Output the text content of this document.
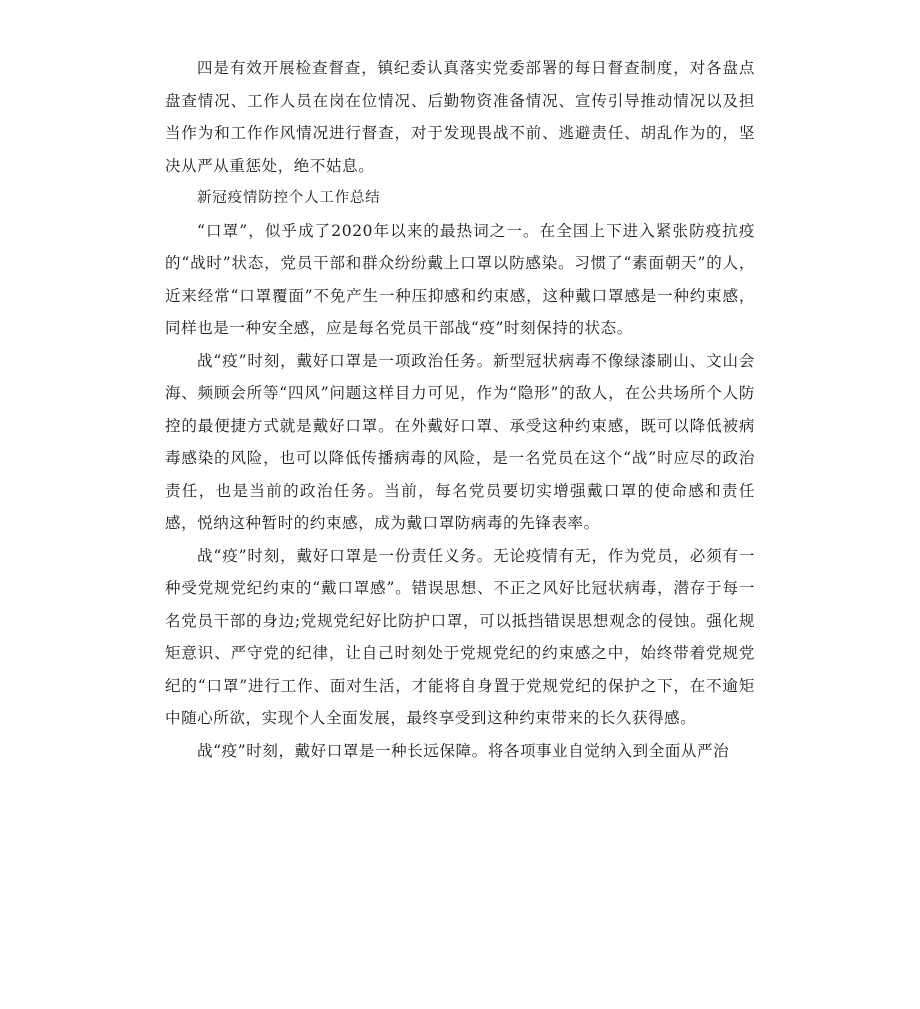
四是有效开展检查督查，镇纪委认真落实党委部署的每日督查制度，对各盘点盘查情况、工作人员在岗在位情况、后勤物资准备情况、宣传引导推动情况以及担当作为和工作作风情况进行督查，对于发现畏战不前、逃避责任、胡乱作为的，坚决从严从重惩处，绝不姑息。

新冠疫情防控个人工作总结

“口罩”，似乎成了2020年以来的最热词之一。在全国上下进入紧张防疫抗疫的“战时”状态，党员干部和群众纷纷戴上口罩以防感染。习惯了“素面朝天”的人，近来经常“口罩覆面”不免产生一种压抑感和约束感，这种戴口罩感是一种约束感，同样也是一种安全感，应是每名党员干部战“疫”时刻保持的状态。

战“疫”时刻，戴好口罩是一项政治任务。新型冠状病毒不像绿漆刷山、文山会海、频顾会所等“四风”问题这样目力可见，作为“隐形”的敌人，在公共场所个人防控的最便捷方式就是戴好口罩。在外戴好口罩、承受这种约束感，既可以降低被病毒感染的风险，也可以降低传播病毒的风险，是一名党员在这个“战”时应尽的政治责任，也是当前的政治任务。当前，每名党员要切实增强戴口罩的使命感和责任感，悦纳这种暂时的约束感，成为戴口罩防病毒的先锋表率。

战“疫”时刻，戴好口罩是一份责任义务。无论疫情有无，作为党员，必须有一种受党规党纪约束的“戴口罩感”。错误思想、不正之风好比冠状病毒，潜存于每一名党员干部的身边;党规党纪好比防护口罩，可以抵挡错误思想观念的侵蚀。强化规矩意识、严守党的纪律，让自己时刻处于党规党纪的约束感之中，始终带着党规党纪的“口罩”进行工作、面对生活，才能将自身置于党规党纪的保护之下，在不逾矩中随心所欲，实现个人全面发展，最终享受到这种约束带来的长久获得感。

战“疫”时刻，戴好口罩是一种长远保障。将各项事业自觉纳入到全面从严治
